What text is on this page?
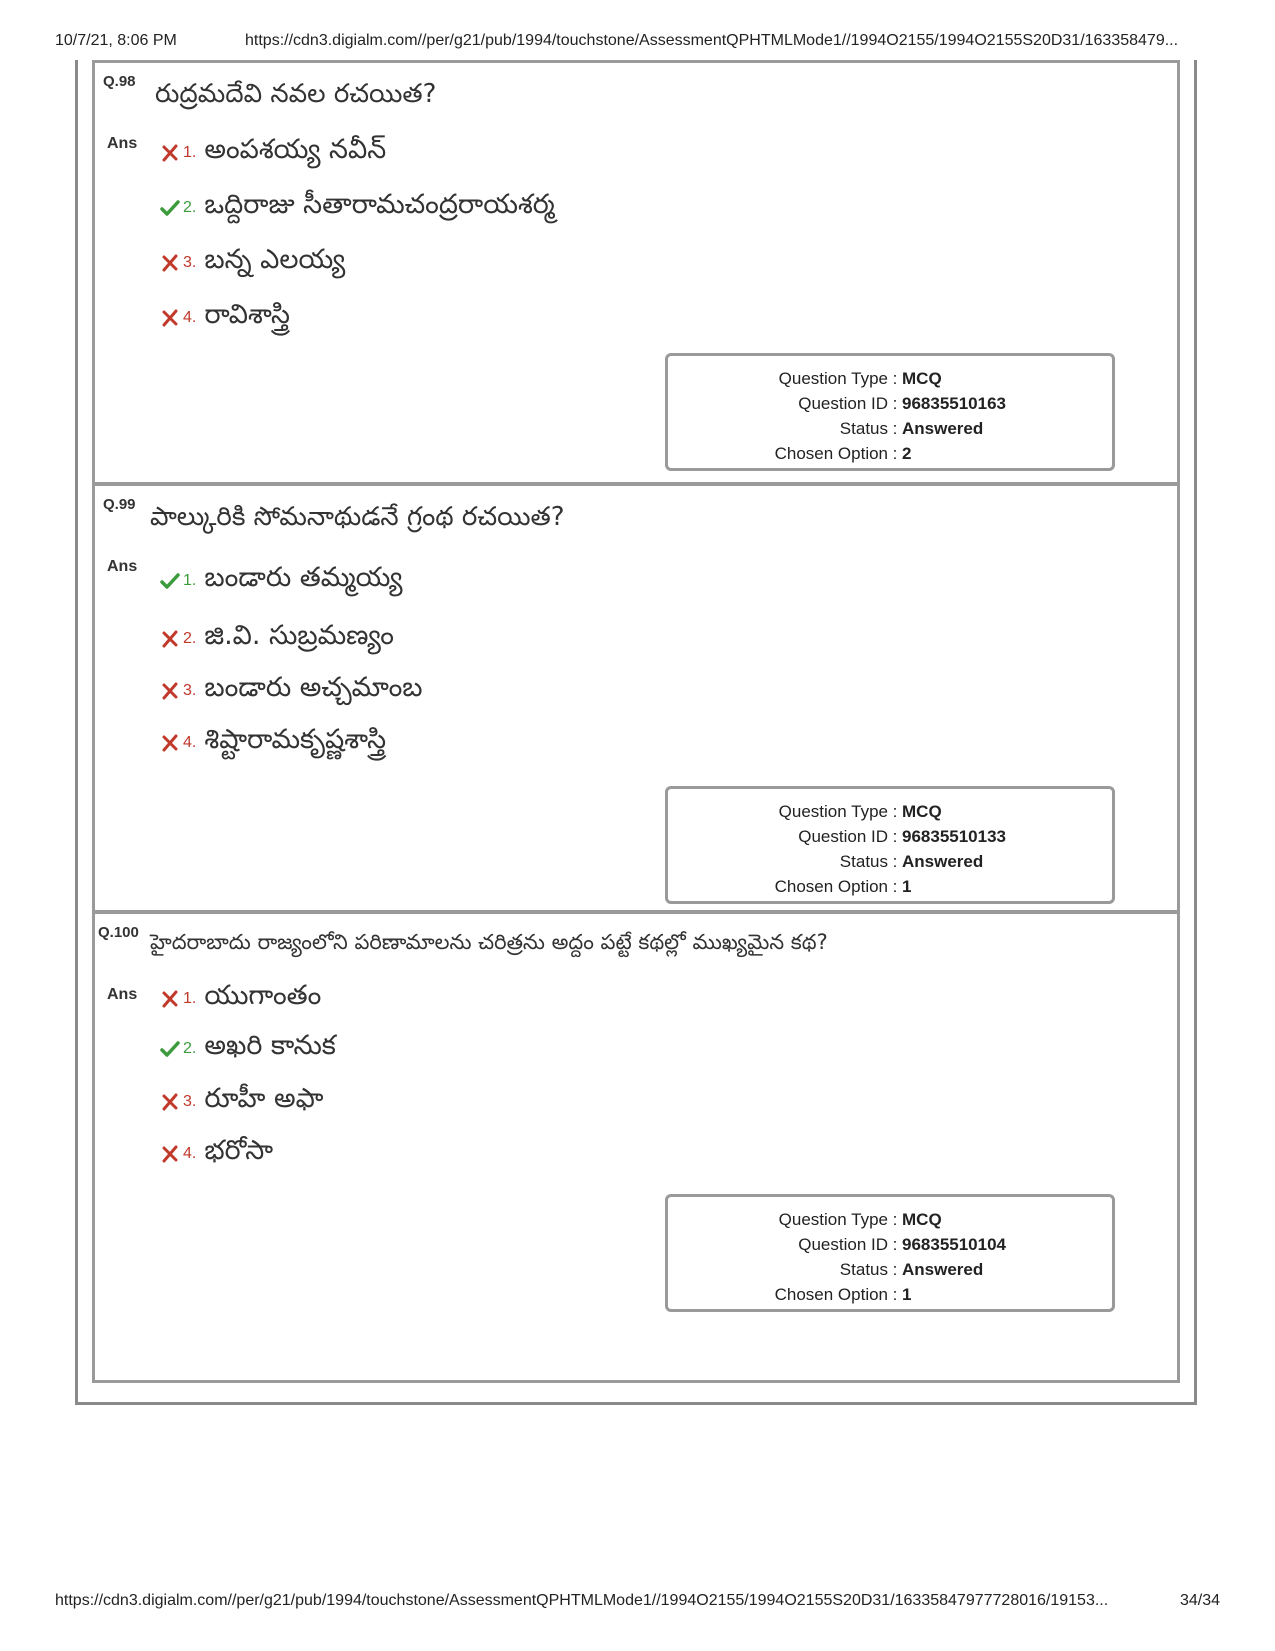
10/7/21, 8:06 PM	https://cdn3.digialm.com//per/g21/pub/1994/touchstone/AssessmentQPHTMLMode1//1994O2155/1994O2155S20D31/163358479...
Q.98 రుద్రమదేవి నవల రచయిత?
Ans
1. అంపశయ్య నవీన్
2. ఒద్దిరాజు సీతారామచంద్రరాయశర్మ
3. బన్న ఎలయ్య
4. రావిశాస్త్రి
Question Type : MCQ
Question ID : 96835510163
Status : Answered
Chosen Option : 2
Q.99 పాల్కురికి సోమనాథుడనే గ్రంథ రచయిత?
Ans
1. బండారు తమ్మయ్య
2. జి.వి. సుబ్రమణ్యం
3. బండారు అచ్చమాంబ
4. శిష్టారామకృష్ణశాస్త్రి
Question Type : MCQ
Question ID : 96835510133
Status : Answered
Chosen Option : 1
Q.100 హైదరాబాదు రాజ్యంలోని పరిణామాలను చరిత్రను అద్దం పట్టే కథల్లో ముఖ్యమైన కథ?
Ans	1. యుగాంతం
2. అఖరి కానుక
3. రూహీ అఫా
4. భరోసా
Question Type : MCQ
Question ID : 96835510104
Status : Answered
Chosen Option : 1
https://cdn3.digialm.com//per/g21/pub/1994/touchstone/AssessmentQPHTMLMode1//1994O2155/1994O2155S20D31/16335847977728016/19153...	34/34
